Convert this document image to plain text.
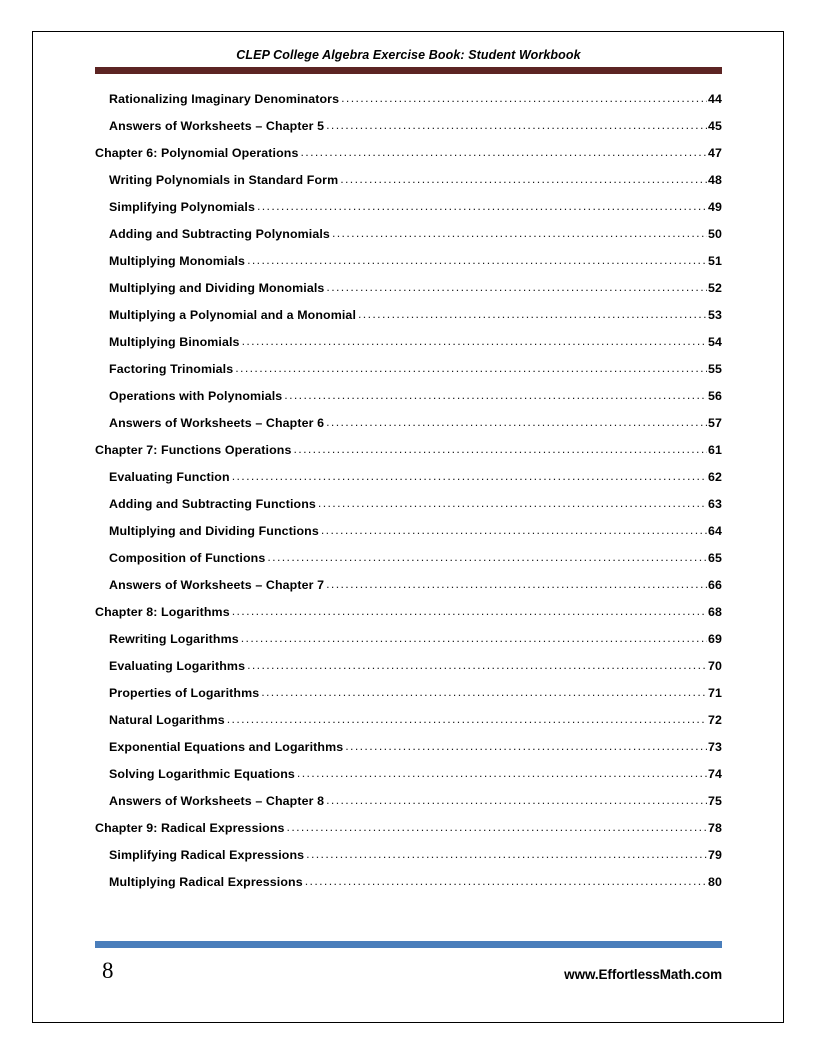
CLEP College Algebra Exercise Book: Student Workbook
Rationalizing Imaginary Denominators .....	44
Answers of Worksheets – Chapter 5 .....	45
Chapter 6: Polynomial Operations .....	47
Writing Polynomials in Standard Form .....	48
Simplifying Polynomials .....	49
Adding and Subtracting Polynomials .....	50
Multiplying Monomials .....	51
Multiplying and Dividing Monomials .....	52
Multiplying a Polynomial and a Monomial .....	53
Multiplying Binomials .....	54
Factoring Trinomials .....	55
Operations with Polynomials .....	56
Answers of Worksheets – Chapter 6 .....	57
Chapter 7: Functions Operations .....	61
Evaluating Function .....	62
Adding and Subtracting Functions .....	63
Multiplying and Dividing Functions .....	64
Composition of Functions .....	65
Answers of Worksheets – Chapter 7 .....	66
Chapter 8: Logarithms .....	68
Rewriting Logarithms .....	69
Evaluating Logarithms .....	70
Properties of Logarithms .....	71
Natural Logarithms .....	72
Exponential Equations and Logarithms .....	73
Solving Logarithmic Equations .....	74
Answers of Worksheets – Chapter 8 .....	75
Chapter 9: Radical Expressions .....	78
Simplifying Radical Expressions .....	79
Multiplying Radical Expressions .....	80
8	www.EffortlessMath.com
